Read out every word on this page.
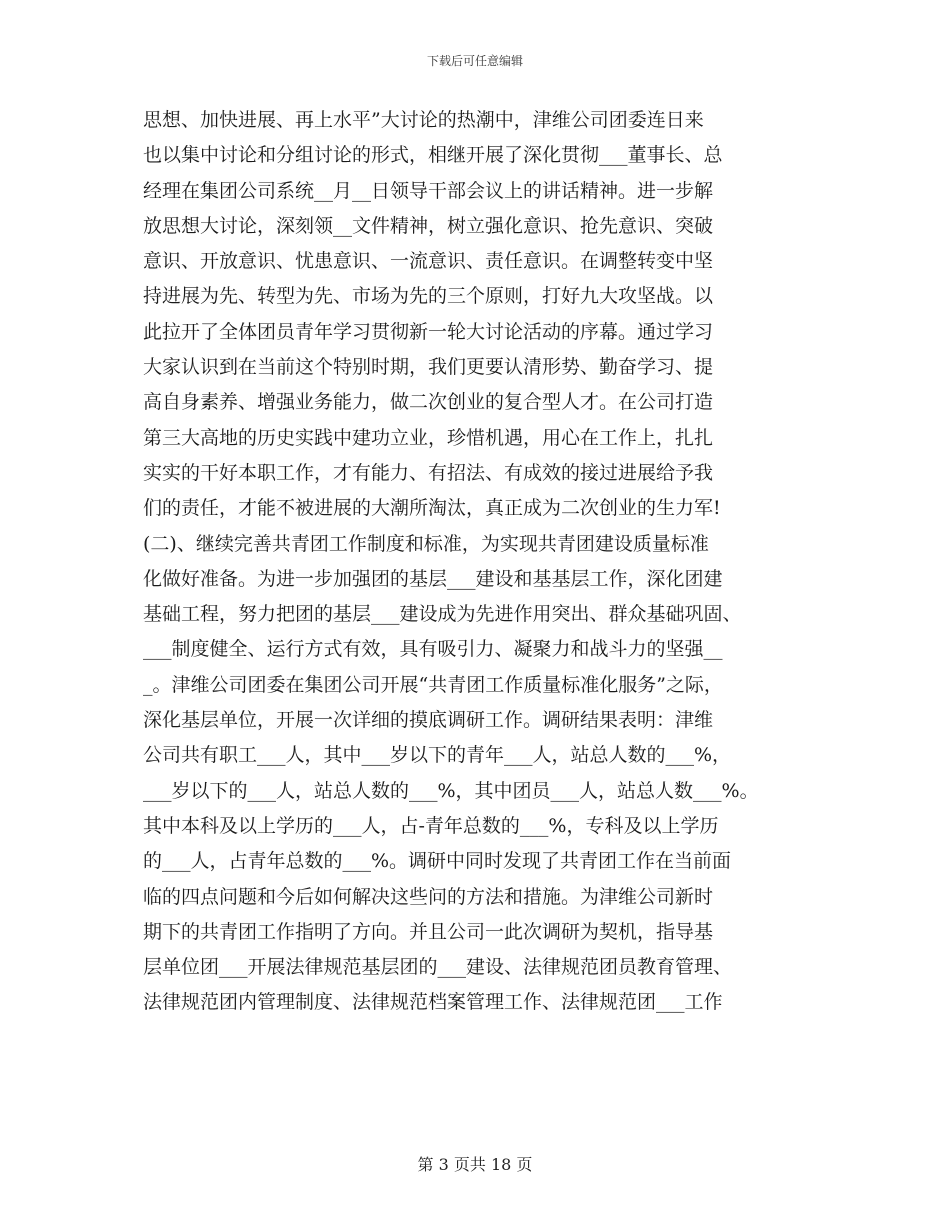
下载后可任意编辑
思想、加快进展、再上水平”大讨论的热潮中，津维公司团委连日来
也以集中讨论和分组讨论的形式，相继开展了深化贯彻___董事长、总
经理在集团公司系统__月__日领导干部会议上的讲话精神。进一步解
放思想大讨论，深刻领__文件精神，树立强化意识、抢先意识、突破
意识、开放意识、忧患意识、一流意识、责任意识。在调整转变中坚
持进展为先、转型为先、市场为先的三个原则，打好九大攻坚战。以
此拉开了全体团员青年学习贯彻新一轮大讨论活动的序幕。通过学习
大家认识到在当前这个特别时期，我们更要认清形势、勤奋学习、提
高自身素养、增强业务能力，做二次创业的复合型人才。在公司打造
第三大高地的历史实践中建功立业，珍惜机遇，用心在工作上，扎扎
实实的干好本职工作，才有能力、有招法、有成效的接过进展给予我
们的责任，才能不被进展的大潮所淘汰，真正成为二次创业的生力军!
(二)、继续完善共青团工作制度和标准，为实现共青团建设质量标准
化做好准备。为进一步加强团的基层___建设和基基层工作，深化团建
基础工程，努力把团的基层___建设成为先进作用突出、群众基础巩固、
___制度健全、运行方式有效，具有吸引力、凝聚力和战斗力的坚强__
_。津维公司团委在集团公司开展“共青团工作质量标准化服务”之际，
深化基层单位，开展一次详细的摸底调研工作。调研结果表明：津维
公司共有职工___人，其中___岁以下的青年___人，站总人数的___%，
___岁以下的___人，站总人数的___%，其中团员___人，站总人数___%。
其中本科及以上学历的___人，占-青年总数的___%，专科及以上学历
的___人，占青年总数的___%。调研中同时发现了共青团工作在当前面
临的四点问题和今后如何解决这些问的方法和措施。为津维公司新时
期下的共青团工作指明了方向。并且公司一此次调研为契机，指导基
层单位团___开展法律规范基层团的___建设、法律规范团员教育管理、
法律规范团内管理制度、法律规范档案管理工作、法律规范团___工作
第 3 页共 18 页
